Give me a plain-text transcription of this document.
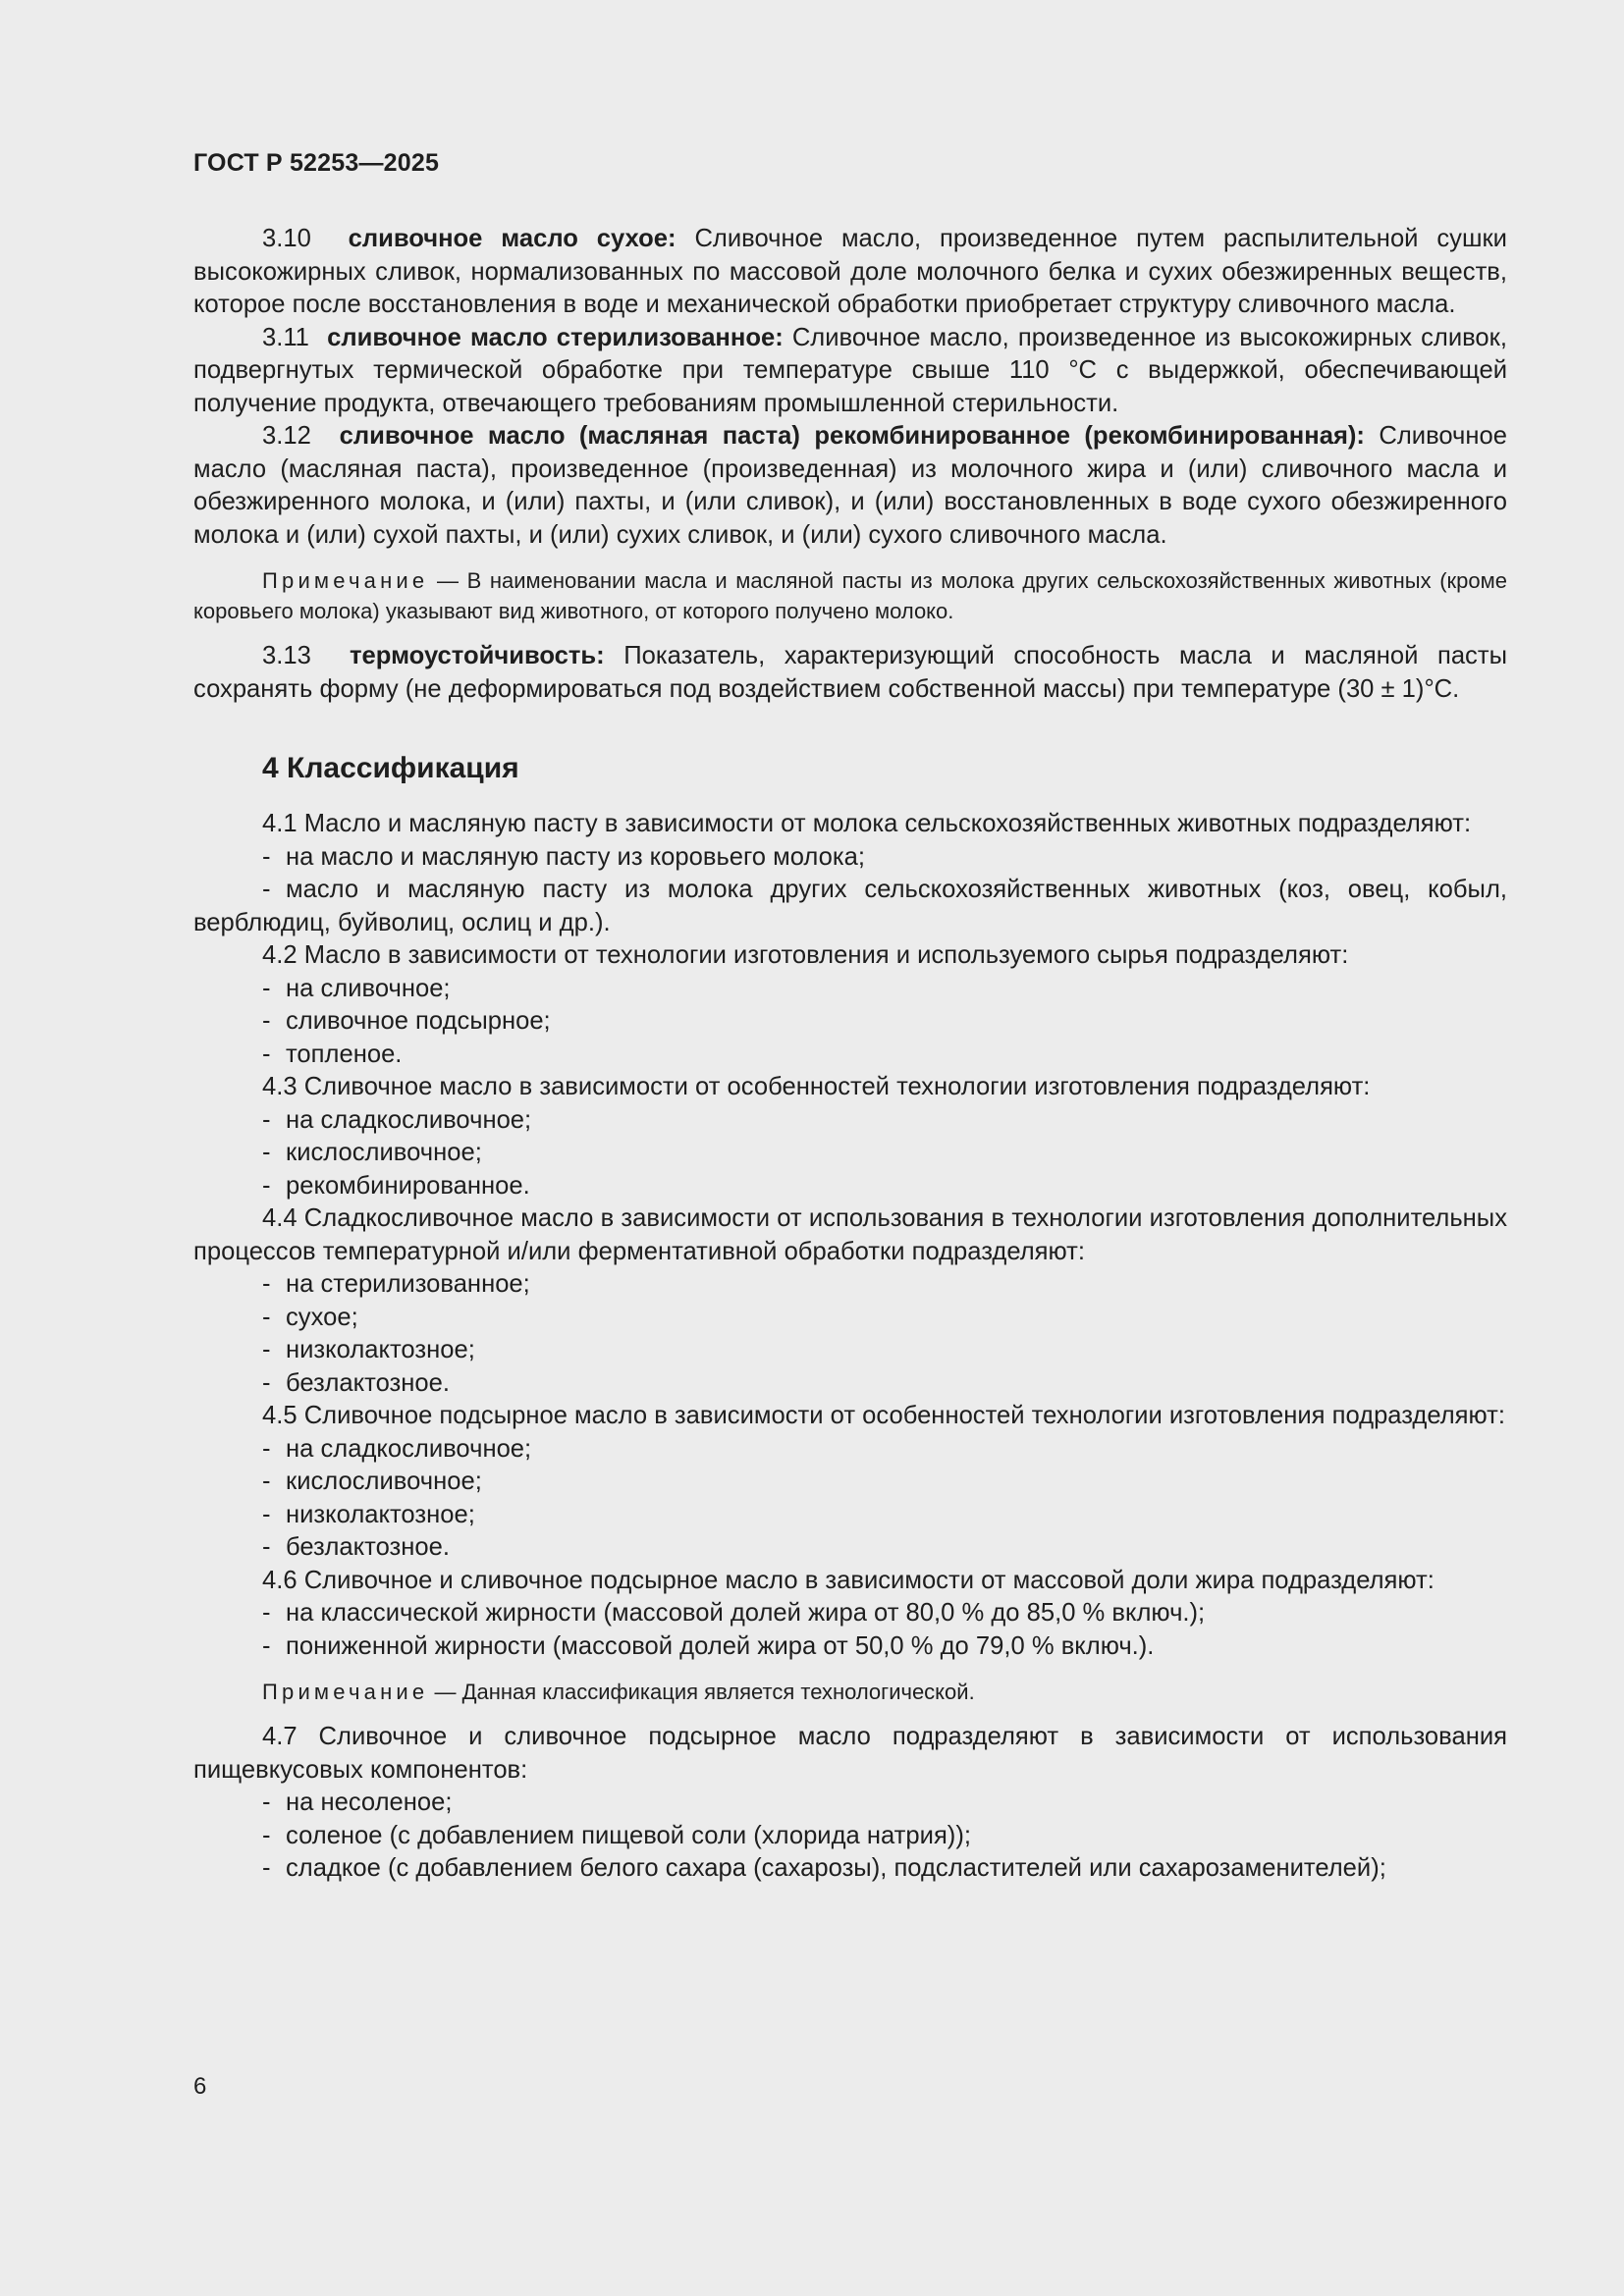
ГОСТ Р 52253—2025

3.10 сливочное масло сухое: Сливочное масло, произведенное путем распылительной сушки высокожирных сливок, нормализованных по массовой доле молочного белка и сухих обезжиренных веществ, которое после восстановления в воде и механической обработки приобретает структуру сливочного масла.

3.11 сливочное масло стерилизованное: Сливочное масло, произведенное из высокожирных сливок, подвергнутых термической обработке при температуре свыше 110 °С с выдержкой, обеспечивающей получение продукта, отвечающего требованиям промышленной стерильности.

3.12 сливочное масло (масляная паста) рекомбинированное (рекомбинированная): Сливочное масло (масляная паста), произведенное (произведенная) из молочного жира и (или) сливочного масла и обезжиренного молока, и (или) пахты, и (или сливок), и (или) восстановленных в воде сухого обезжиренного молока и (или) сухой пахты, и (или) сухих сливок, и (или) сухого сливочного масла.

Примечание — В наименовании масла и масляной пасты из молока других сельскохозяйственных животных (кроме коровьего молока) указывают вид животного, от которого получено молоко.

3.13 термоустойчивость: Показатель, характеризующий способность масла и масляной пасты сохранять форму (не деформироваться под воздействием собственной массы) при температуре (30 ± 1)°С.

4 Классификация

4.1 Масло и масляную пасту в зависимости от молока сельскохозяйственных животных подразделяют:

- на масло и масляную пасту из коровьего молока;

- масло и масляную пасту из молока других сельскохозяйственных животных (коз, овец, кобыл, верблюдиц, буйволиц, ослиц и др.).

4.2 Масло в зависимости от технологии изготовления и используемого сырья подразделяют:

- на сливочное;

- сливочное подсырное;

- топленое.

4.3 Сливочное масло в зависимости от особенностей технологии изготовления подразделяют:

- на сладкосливочное;

- кислосливочное;

- рекомбинированное.

4.4 Сладкосливочное масло в зависимости от использования в технологии изготовления дополнительных процессов температурной и/или ферментативной обработки подразделяют:

- на стерилизованное;

- сухое;

- низколактозное;

- безлактозное.

4.5 Сливочное подсырное масло в зависимости от особенностей технологии изготовления подразделяют:

- на сладкосливочное;

- кислосливочное;

- низколактозное;

- безлактозное.

4.6 Сливочное и сливочное подсырное масло в зависимости от массовой доли жира подразделяют:

- на классической жирности (массовой долей жира от 80,0 % до 85,0 % включ.);

- пониженной жирности (массовой долей жира от 50,0 % до 79,0 % включ.).

Примечание — Данная классификация является технологической.

4.7 Сливочное и сливочное подсырное масло подразделяют в зависимости от использования пищевкусовых компонентов:

- на несоленое;

- соленое (с добавлением пищевой соли (хлорида натрия));

- сладкое (с добавлением белого сахара (сахарозы), подсластителей или сахарозаменителей);

6
